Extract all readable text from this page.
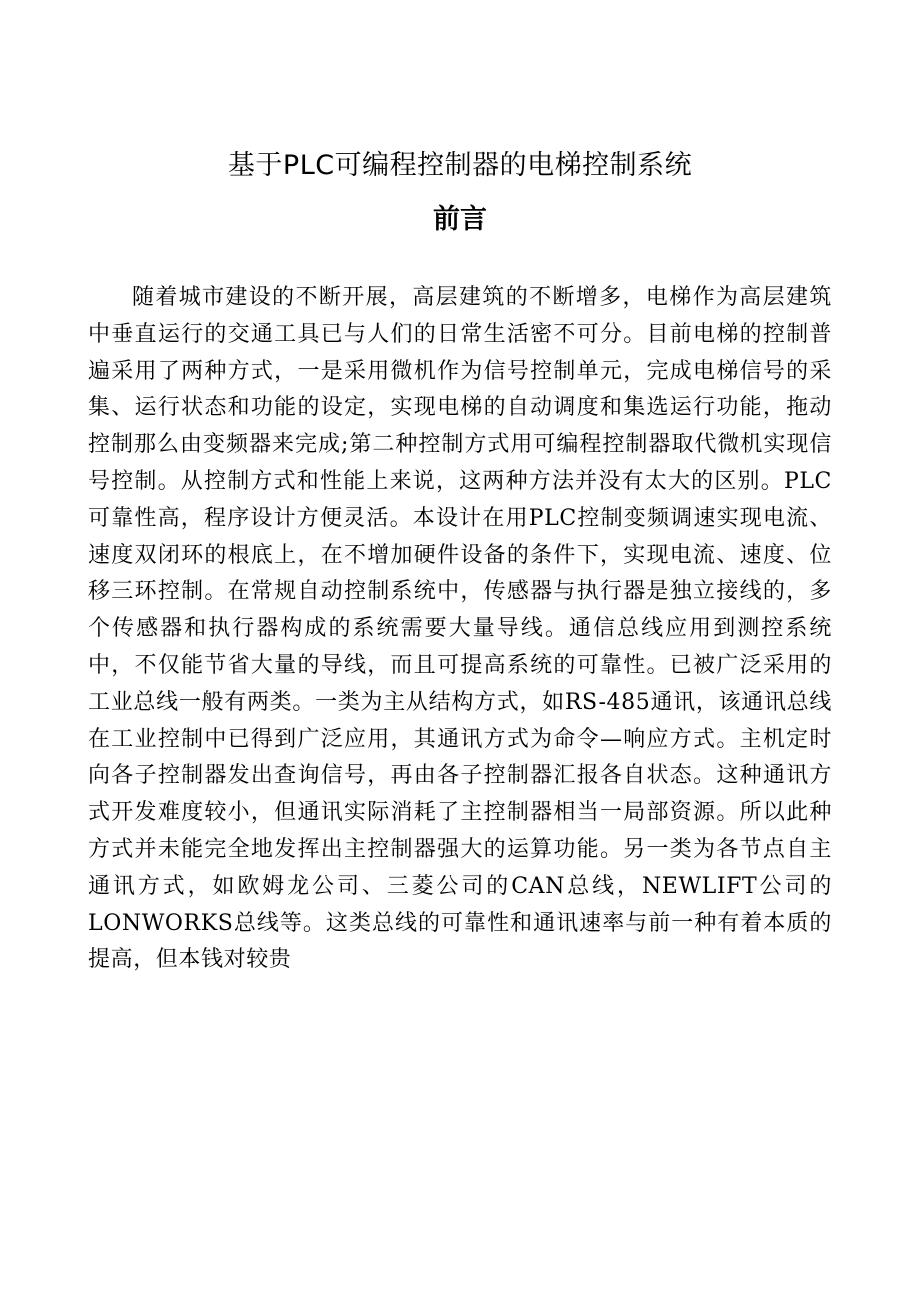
基于PLC可编程控制器的电梯控制系统
前言

随着城市建设的不断开展，高层建筑的不断增多，电梯作为高层建筑中垂直运行的交通工具已与人们的日常生活密不可分。目前电梯的控制普遍采用了两种方式，一是采用微机作为信号控制单元，完成电梯信号的采集、运行状态和功能的设定，实现电梯的自动调度和集选运行功能，拖动控制那么由变频器来完成;第二种控制方式用可编程控制器取代微机实现信号控制。从控制方式和性能上来说，这两种方法并没有太大的区别。PLC可靠性高，程序设计方便灵活。本设计在用PLC控制变频调速实现电流、速度双闭环的根底上，在不增加硬件设备的条件下，实现电流、速度、位移三环控制。在常规自动控制系统中，传感器与执行器是独立接线的，多个传感器和执行器构成的系统需要大量导线。通信总线应用到测控系统中，不仅能节省大量的导线，而且可提高系统的可靠性。已被广泛采用的工业总线一般有两类。一类为主从结构方式，如RS-485通讯，该通讯总线在工业控制中已得到广泛应用，其通讯方式为命令—响应方式。主机定时向各子控制器发出查询信号，再由各子控制器汇报各自状态。这种通讯方式开发难度较小，但通讯实际消耗了主控制器相当一局部资源。所以此种方式并未能完全地发挥出主控制器强大的运算功能。另一类为各节点自主通讯方式，如欧姆龙公司、三菱公司的CAN总线，NEWLIFT公司的LONWORKS总线等。这类总线的可靠性和通讯速率与前一种有着本质的提高，但本钱对较贵
